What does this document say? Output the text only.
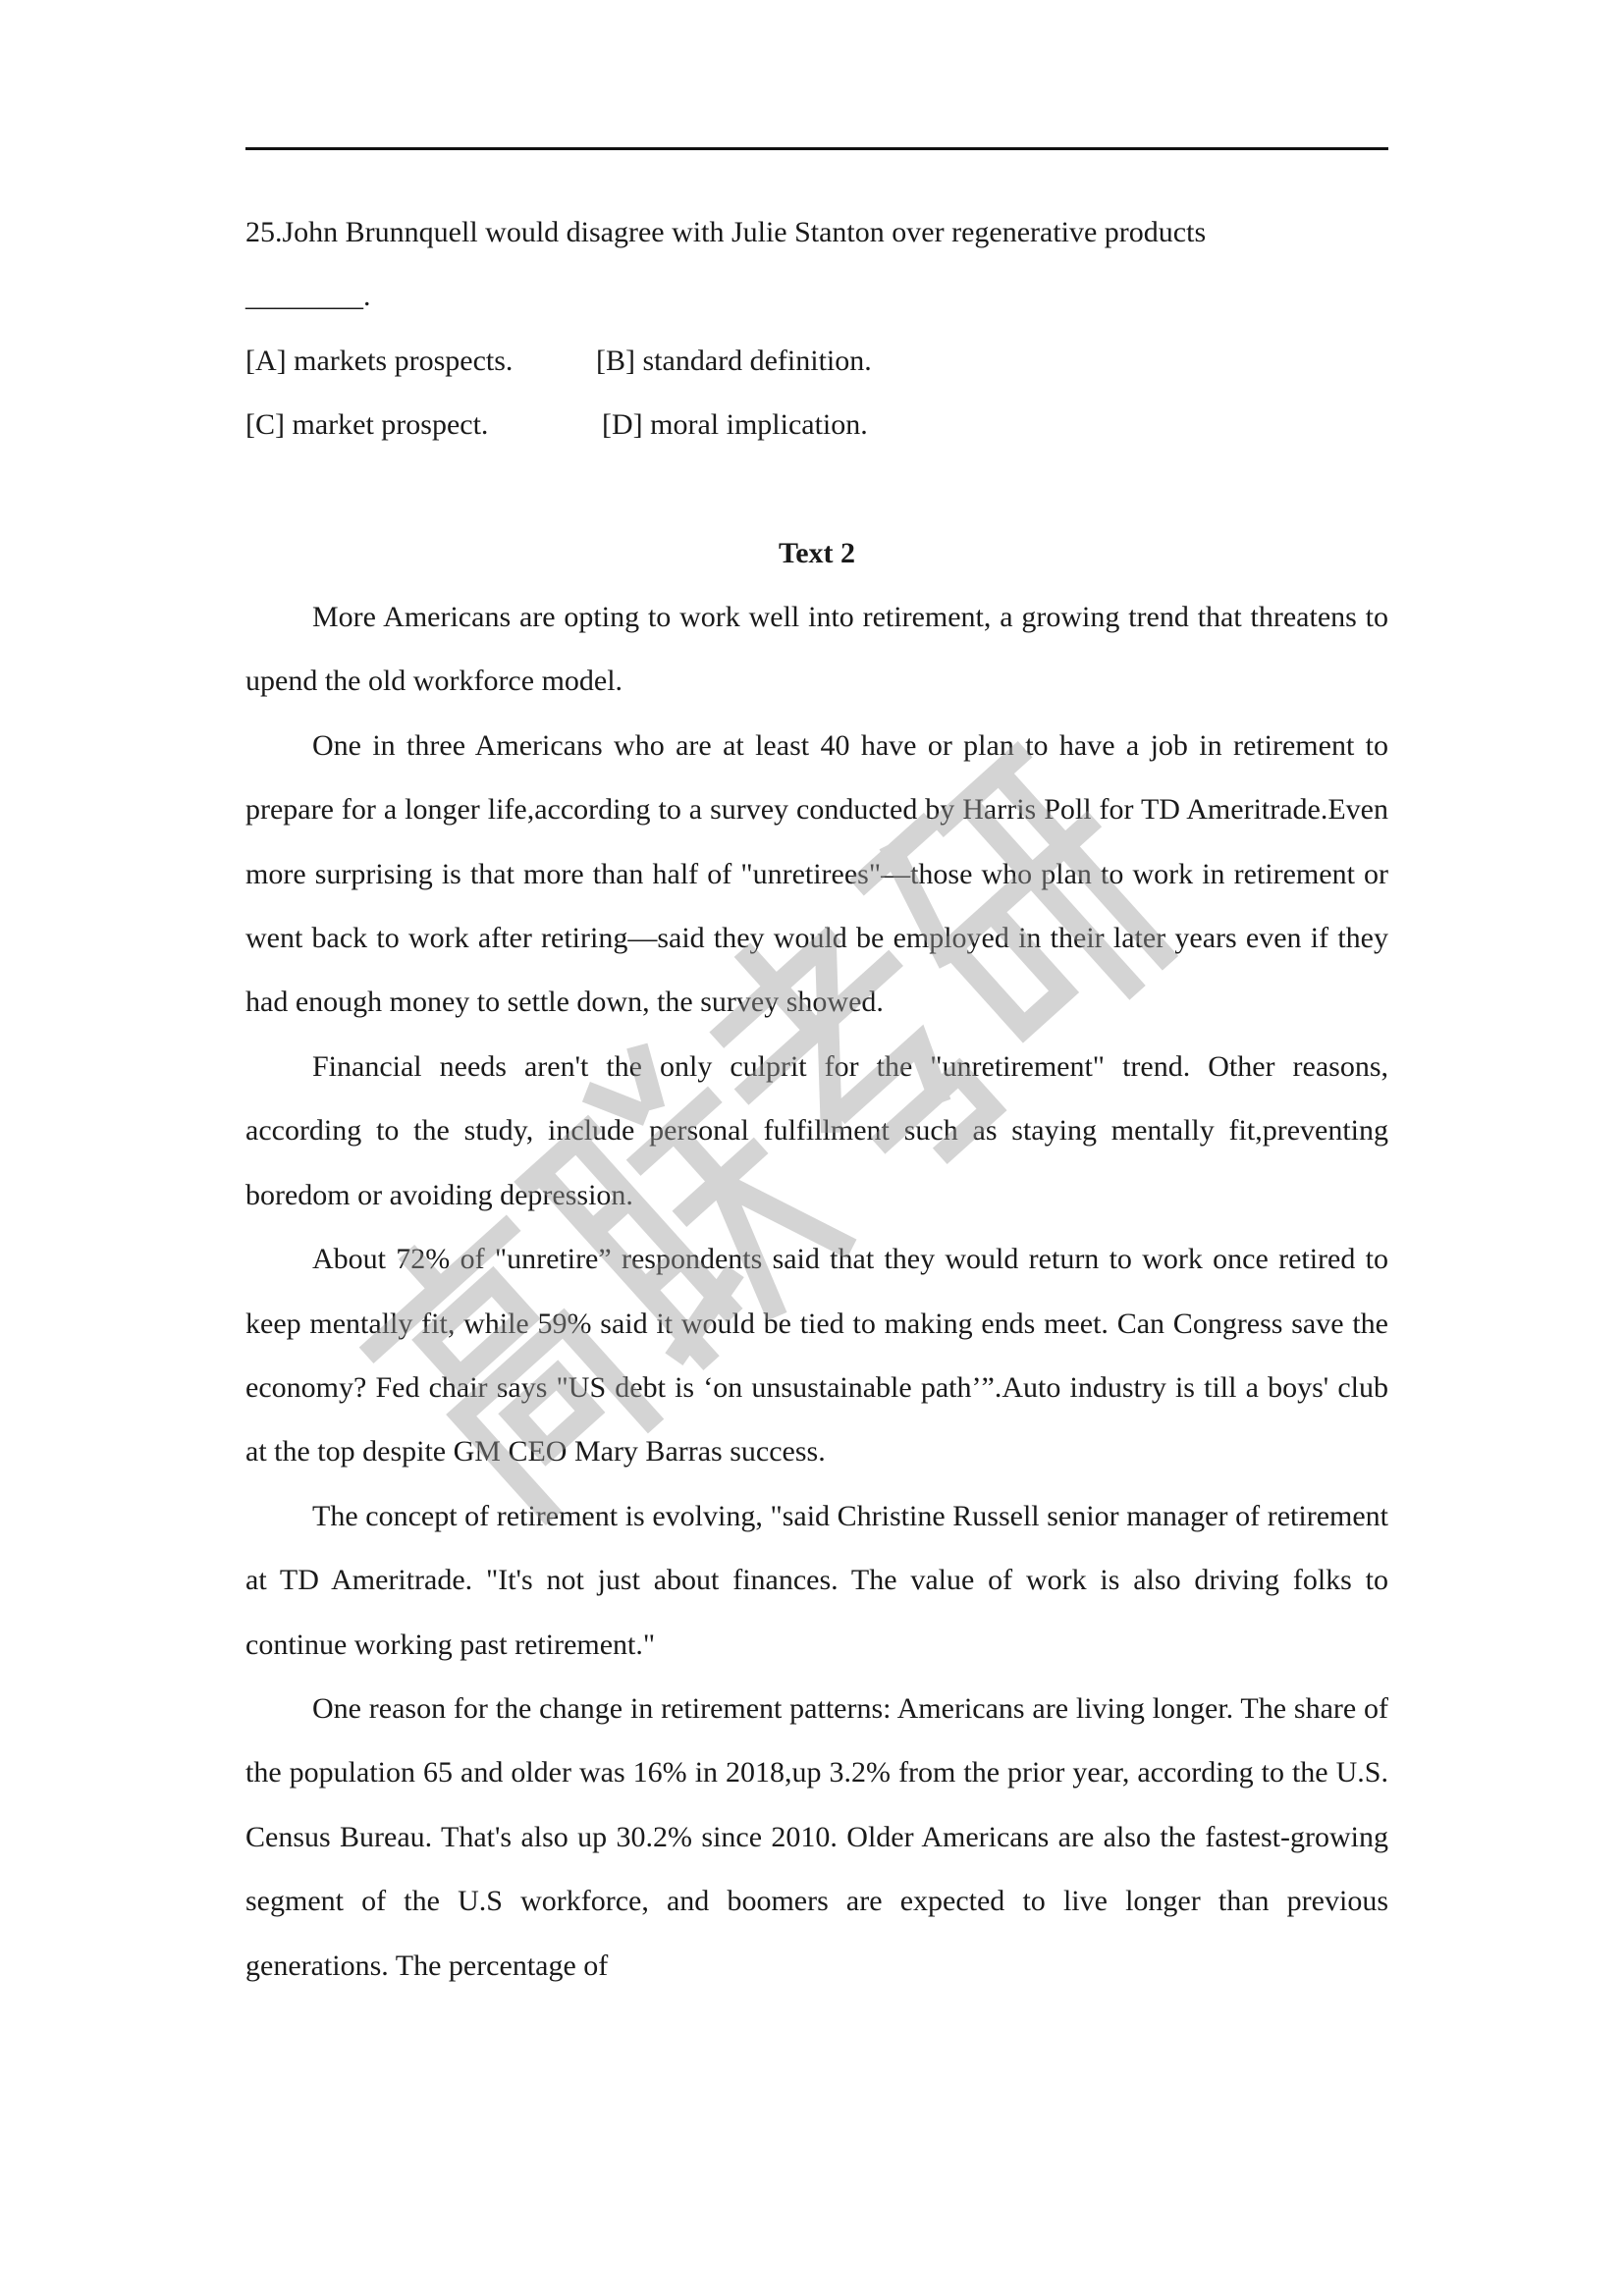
25.John Brunnquell would disagree with Julie Stanton over regenerative products

________.

[A] markets prospects.	[B] standard definition.
[C] market prospect.	[D] moral implication.

Text 2

More Americans are opting to work well into retirement, a growing trend that threatens to upend the old workforce model.

One in three Americans who are at least 40 have or plan to have a job in retirement to prepare for a longer life,according to a survey conducted by Harris Poll for TD Ameritrade.Even more surprising is that more than half of "unretirees"—those who plan to work in retirement or went back to work after retiring—said they would be employed in their later years even if they had enough money to settle down, the survey showed.

Financial needs aren't the only culprit for the "unretirement" trend. Other reasons, according to the study, include personal fulfillment such as staying mentally fit,preventing boredom or avoiding depression.

About 72% of "unretire” respondents said that they would return to work once retired to keep mentally fit, while 59% said it would be tied to making ends meet. Can Congress save the economy? Fed chair says "US debt is ‘on unsustainable path’”.Auto industry is till a boys' club at the top despite GM CEO Mary Barras success.

The concept of retirement is evolving, "said Christine Russell senior manager of retirement at TD Ameritrade. "It's not just about finances. The value of work is also driving folks to continue working past retirement."

One reason for the change in retirement patterns: Americans are living longer. The share of the population 65 and older was 16% in 2018,up 3.2% from the prior year, according to the U.S. Census Bureau. That's also up 30.2% since 2010. Older Americans are also the fastest-growing segment of the U.S workforce, and boomers are expected to live longer than previous generations. The percentage of
